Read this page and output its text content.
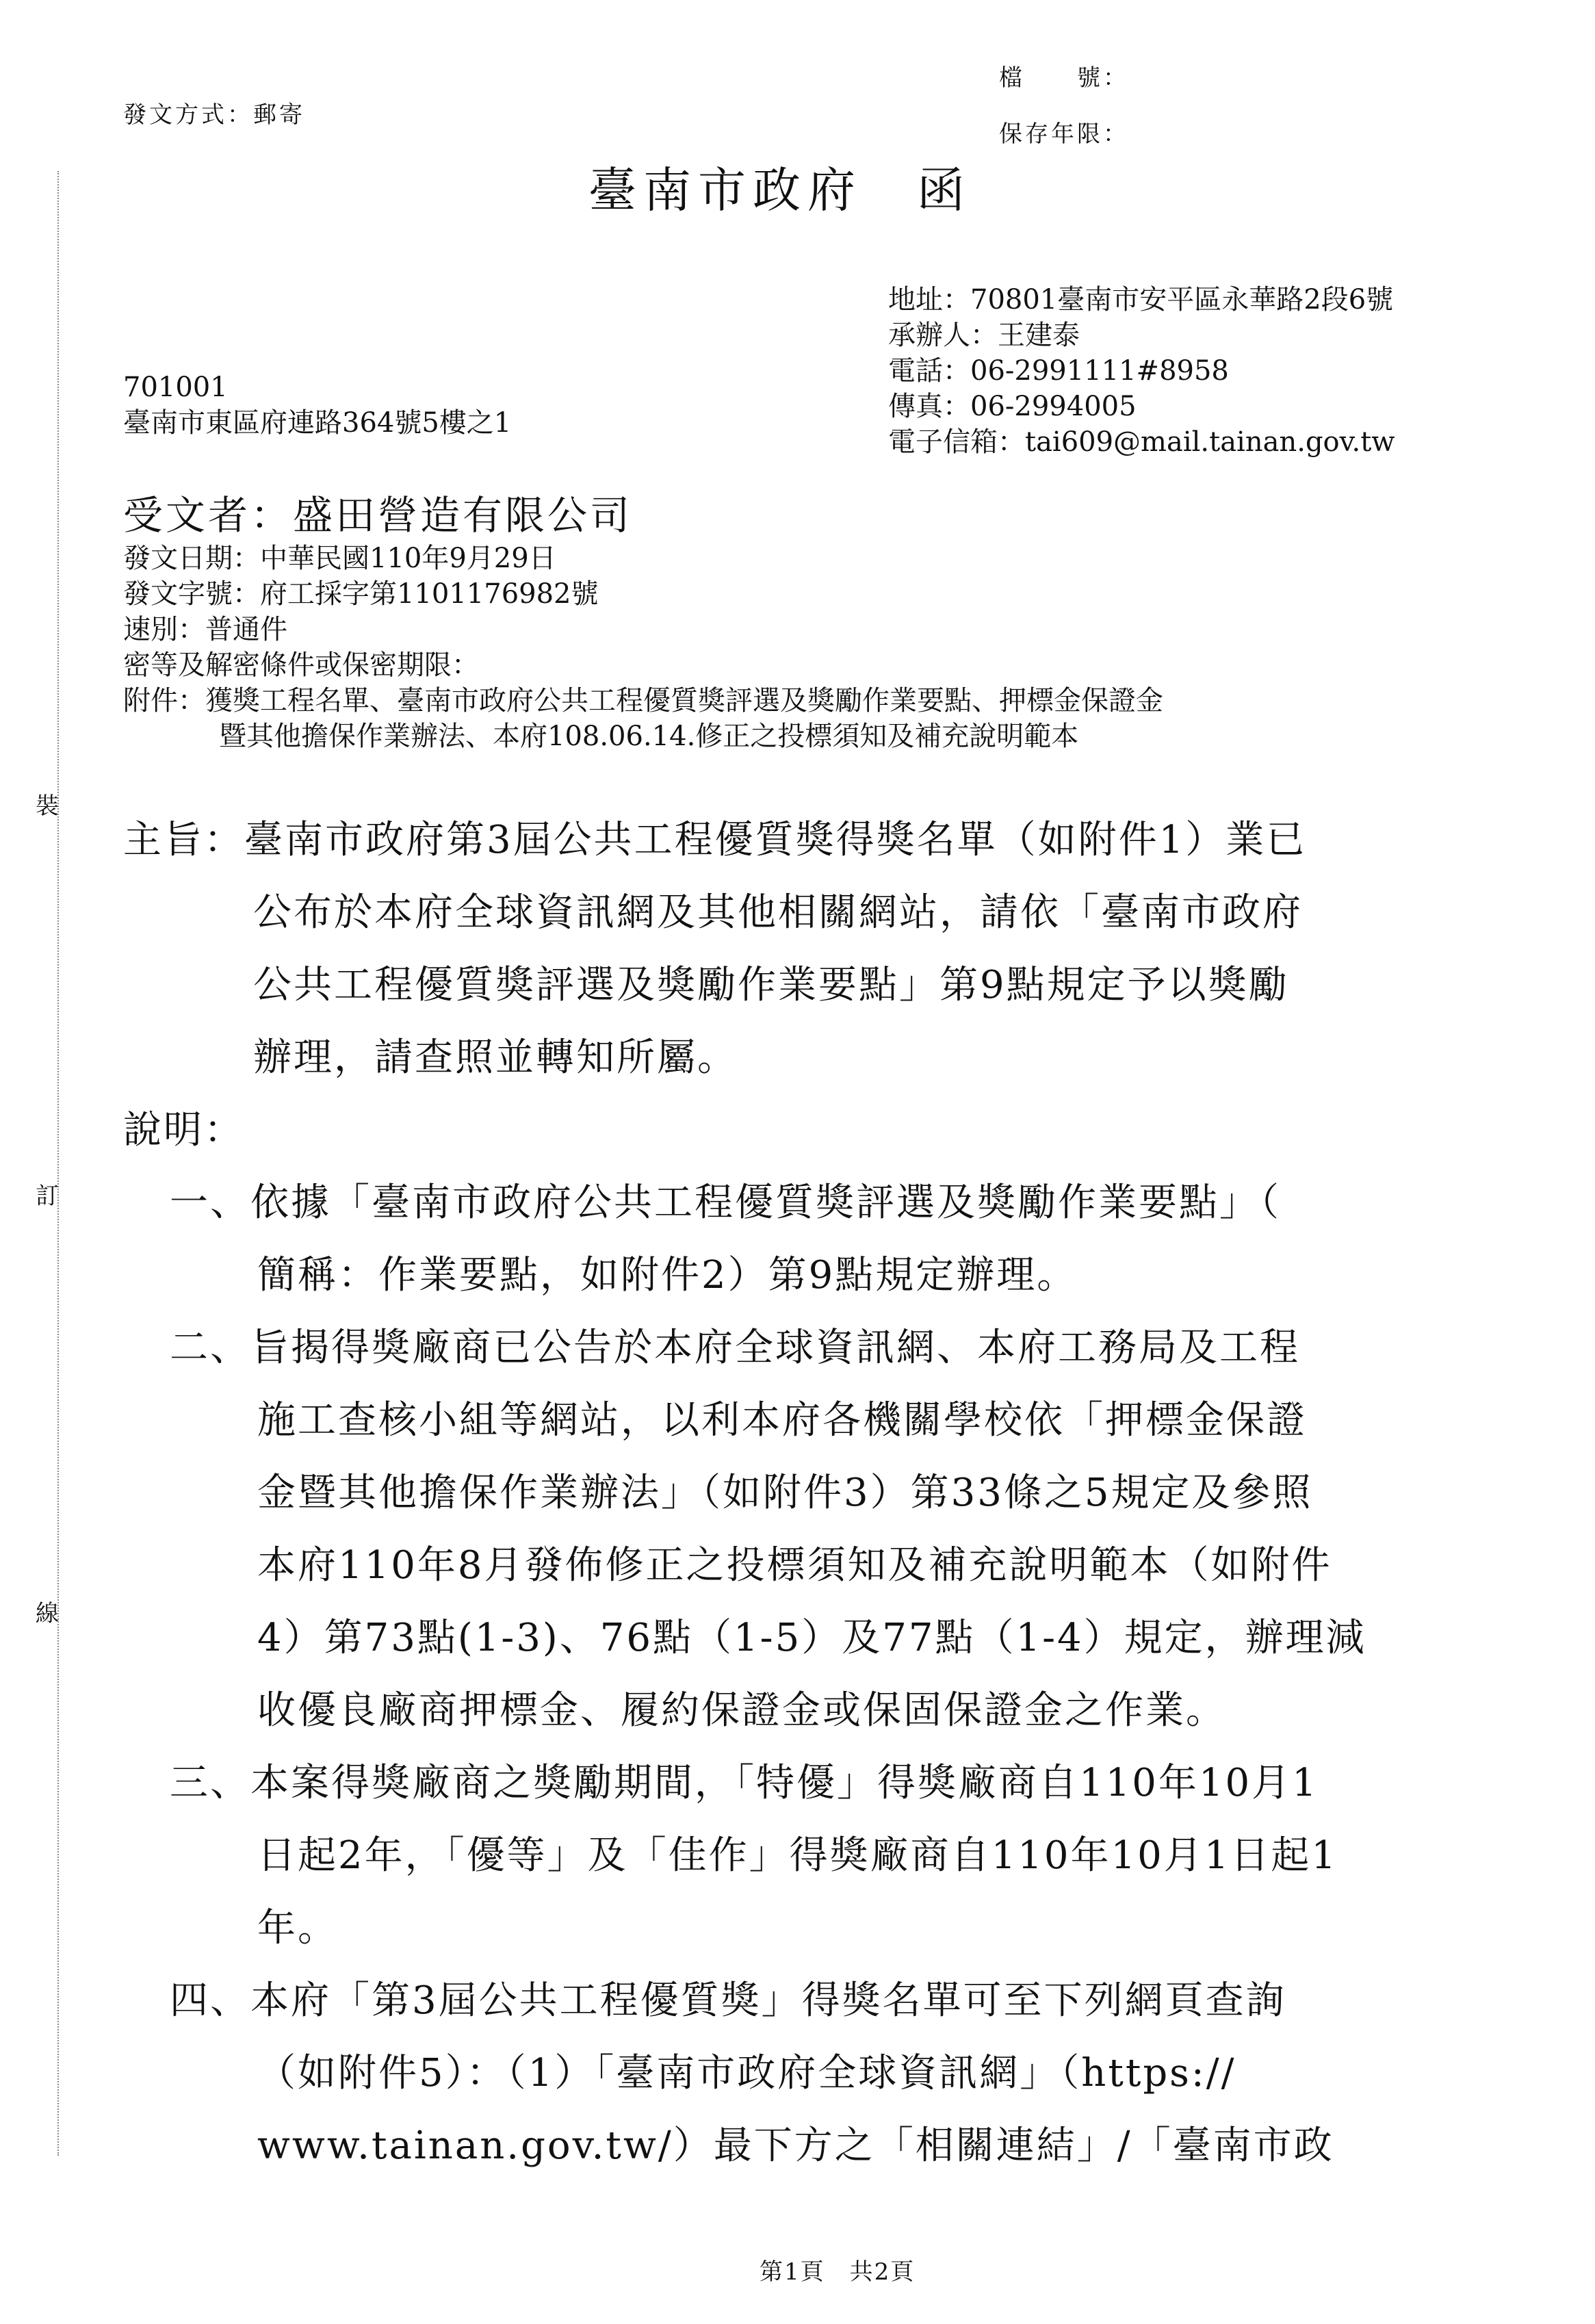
發文方式：郵寄
檔　　號：
保存年限：
裝
訂
線
臺南市政府　函
地址：70801臺南市安平區永華路2段6號
承辦人：王建泰
電話：06-2991111#8958
傳真：06-2994005
電子信箱：tai609@mail.tainan.gov.tw
701001
臺南市東區府連路364號5樓之1
受文者：盛田營造有限公司
發文日期：中華民國110年9月29日
發文字號：府工採字第1101176982號
速別：普通件
密等及解密條件或保密期限：
附件：獲獎工程名單、臺南市政府公共工程優質獎評選及獎勵作業要點、押標金保證金
暨其他擔保作業辦法、本府108.06.14.修正之投標須知及補充說明範本
主旨：臺南市政府第3屆公共工程優質獎得獎名單（如附件1）業已
公布於本府全球資訊網及其他相關網站，請依「臺南市政府
公共工程優質獎評選及獎勵作業要點」第9點規定予以獎勵
辦理，請查照並轉知所屬。
說明：
一、依據「臺南市政府公共工程優質獎評選及獎勵作業要點」（
簡稱：作業要點，如附件2）第9點規定辦理。
二、旨揭得獎廠商已公告於本府全球資訊網、本府工務局及工程
施工查核小組等網站，以利本府各機關學校依「押標金保證
金暨其他擔保作業辦法」（如附件3）第33條之5規定及參照
本府110年8月發佈修正之投標須知及補充說明範本（如附件
4）第73點(1-3)、76點（1-5）及77點（1-4）規定，辦理減
收優良廠商押標金、履約保證金或保固保證金之作業。
三、本案得獎廠商之獎勵期間，「特優」得獎廠商自110年10月1
日起2年，「優等」及「佳作」得獎廠商自110年10月1日起1
年。
四、本府「第3屆公共工程優質獎」得獎名單可至下列網頁查詢
（如附件5）：（1）「臺南市政府全球資訊網」（https://
www.tainan.gov.tw/）最下方之「相關連結」/「臺南市政
第1頁　共2頁
